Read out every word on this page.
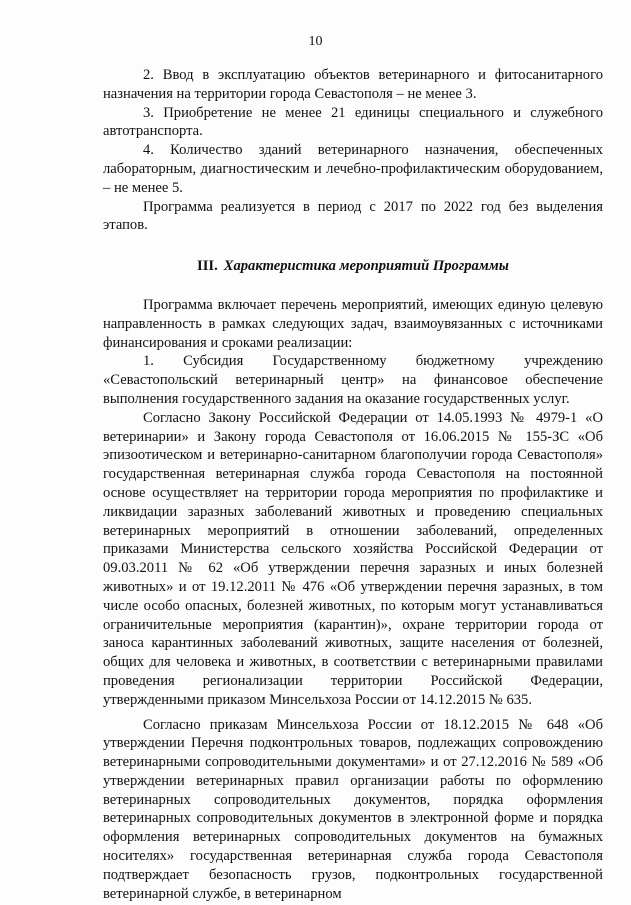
10

2. Ввод в эксплуатацию объектов ветеринарного и фитосанитарного назначения на территории города Севастополя – не менее 3.

3. Приобретение не менее 21 единицы специального и служебного автотранспорта.

4. Количество зданий ветеринарного назначения, обеспеченных лабораторным, диагностическим и лечебно-профилактическим оборудованием, – не менее 5.

Программа реализуется в период с 2017 по 2022 год без выделения этапов.

III. Характеристика мероприятий Программы

Программа включает перечень мероприятий, имеющих единую целевую направленность в рамках следующих задач, взаимоувязанных с источниками финансирования и сроками реализации:

1. Субсидия Государственному бюджетному учреждению «Севастопольский ветеринарный центр» на финансовое обеспечение выполнения государственного задания на оказание государственных услуг.

Согласно Закону Российской Федерации от 14.05.1993 № 4979-1 «О ветеринарии» и Закону города Севастополя от 16.06.2015 № 155-ЗС «Об эпизоотическом и ветеринарно-санитарном благополучии города Севастополя» государственная ветеринарная служба города Севастополя на постоянной основе осуществляет на территории города мероприятия по профилактике и ликвидации заразных заболеваний животных и проведению специальных ветеринарных мероприятий в отношении заболеваний, определенных приказами Министерства сельского хозяйства Российской Федерации от 09.03.2011 № 62 «Об утверждении перечня заразных и иных болезней животных» и от 19.12.2011 № 476 «Об утверждении перечня заразных, в том числе особо опасных, болезней животных, по которым могут устанавливаться ограничительные мероприятия (карантин)», охране территории города от заноса карантинных заболеваний животных, защите населения от болезней, общих для человека и животных, в соответствии с ветеринарными правилами проведения регионализации территории Российской Федерации, утвержденными приказом Минсельхоза России от 14.12.2015 № 635.

Согласно приказам Минсельхоза России от 18.12.2015 № 648 «Об утверждении Перечня подконтрольных товаров, подлежащих сопровождению ветеринарными сопроводительными документами» и от 27.12.2016 № 589 «Об утверждении ветеринарных правил организации работы по оформлению ветеринарных сопроводительных документов, порядка оформления ветеринарных сопроводительных документов в электронной форме и порядка оформления ветеринарных сопроводительных документов на бумажных носителях» государственная ветеринарная служба города Севастополя подтверждает безопасность грузов, подконтрольных государственной ветеринарной службе, в ветеринарном
